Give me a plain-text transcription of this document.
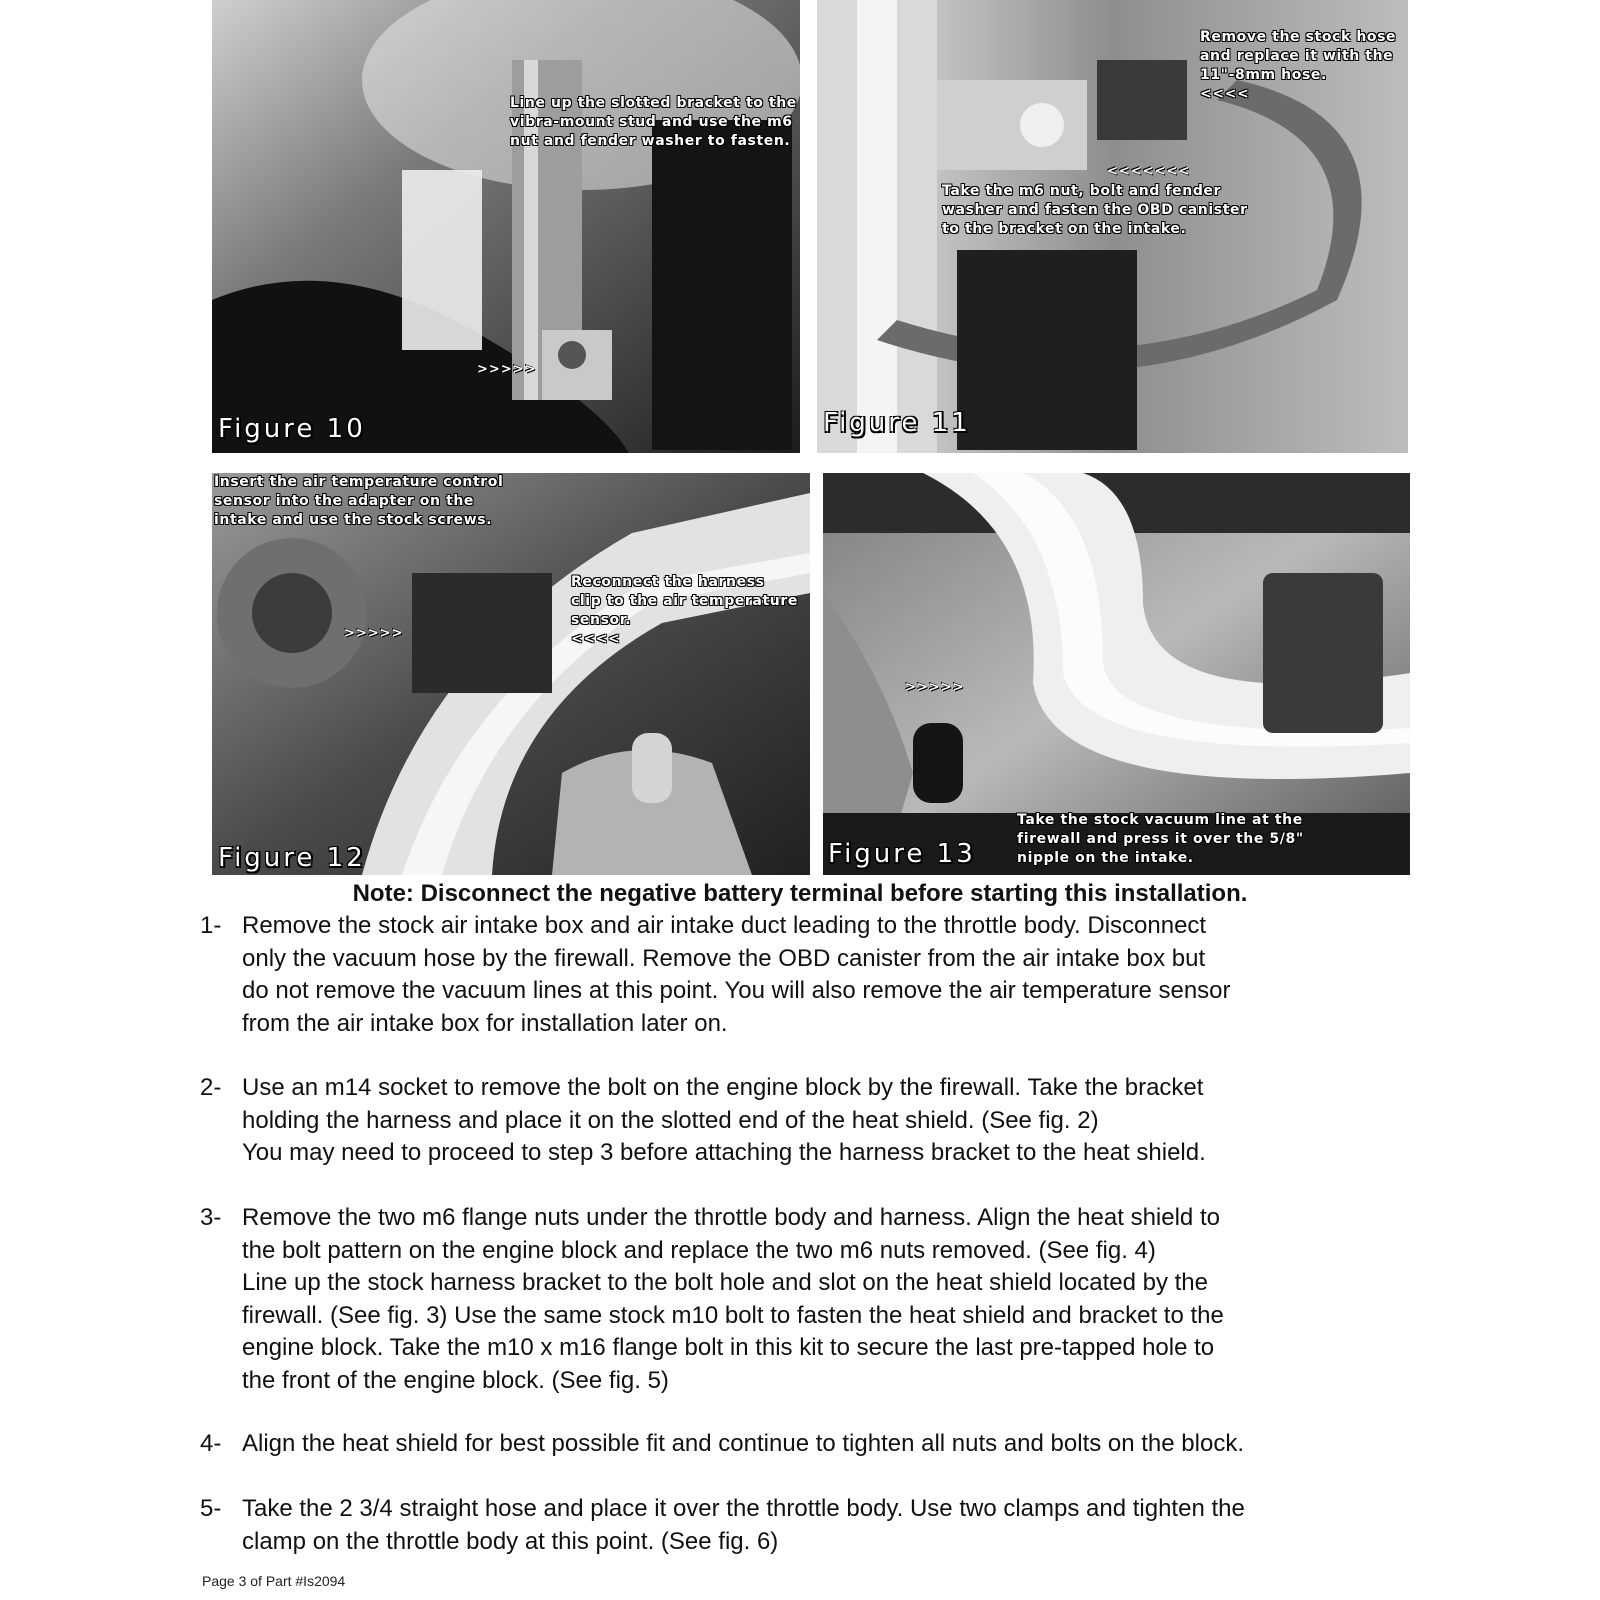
Line up the slotted bracket to the
vibra-mount stud and use the m6
nut and fender washer to fasten.
>>>>>
Figure 10
Remove the stock hose
and replace it with the
11"-8mm hose.
<<<<
<<<<<<<
Take the m6 nut, bolt and fender
washer and fasten the OBD canister
to the bracket on the intake.
Figure 11
Insert the air temperature control
sensor into the adapter on the
intake and use the stock screws.
>>>>>
Reconnect the harness
clip to the air temperature
sensor.
<<<<
Figure 12
>>>>>
Take the stock vacuum line at the
firewall and press it over the 5/8"
nipple on the intake.
Figure 13

Note: Disconnect the negative battery terminal before starting this installation.

1- Remove the stock air intake box and air intake duct leading to the throttle body. Disconnect
only the vacuum hose by the firewall. Remove the OBD canister from the air intake box but
do not remove the vacuum lines at this point. You will also remove the air temperature sensor
from the air intake box for installation later on.
2- Use an m14 socket to remove the bolt on the engine block by the firewall. Take the bracket
holding the harness and place it on the slotted end of the heat shield. (See fig. 2)
You may need to proceed to step 3 before attaching the harness bracket to the heat shield.
3- Remove the two m6 flange nuts under the throttle body and harness. Align the heat shield to
the bolt pattern on the engine block and replace the two m6 nuts removed. (See fig. 4)
Line up the stock harness bracket to the bolt hole and slot on the heat shield located by the
firewall. (See fig. 3) Use the same stock m10 bolt to fasten the heat shield and bracket to the
engine block. Take the m10 x m16 flange bolt in this kit to secure the last pre-tapped hole to
the front of the engine block. (See fig. 5)
4- Align the heat shield for best possible fit and continue to tighten all nuts and bolts on the block.
5- Take the 2 3/4 straight hose and place it over the throttle body. Use two clamps and tighten the
clamp on the throttle body at this point. (See fig. 6)
Page 3 of Part #Is2094
